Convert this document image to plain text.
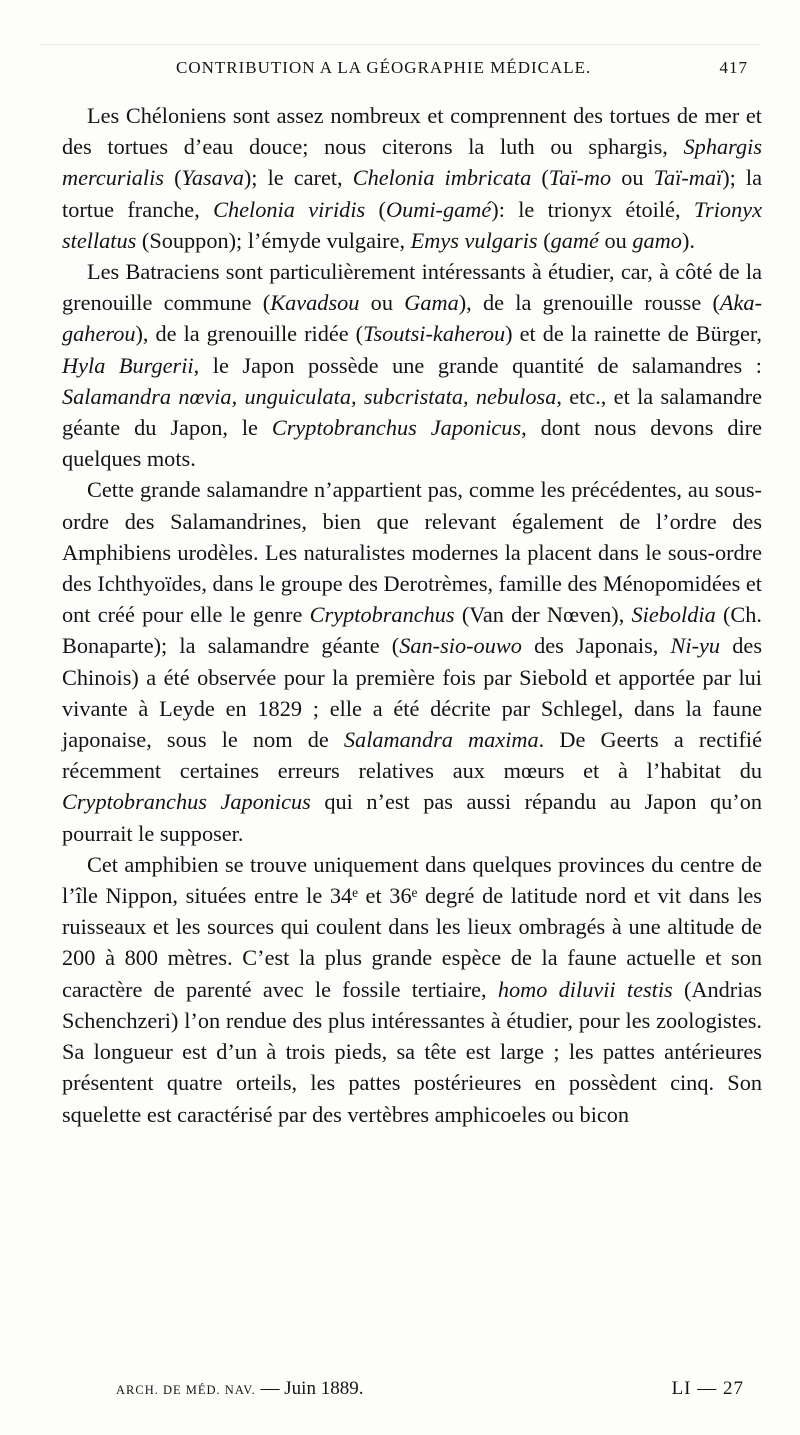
CONTRIBUTION A LA GÉOGRAPHIE MÉDICALE.	417

Les Chéloniens sont assez nombreux et comprennent des tortues de mer et des tortues d’eau douce; nous citerons la luth ou sphargis, Sphargis mercurialis (Yasava); le caret, Chelonia imbricata (Taï-mo ou Taï-maï); la tortue franche, Chelonia viridis (Oumi-gamé): le trionyx étoilé, Trionyx stellatus (Souppon); l’émyde vulgaire, Emys vulgaris (gamé ou gamo).

Les Batraciens sont particulièrement intéressants à étudier, car, à côté de la grenouille commune (Kavadsou ou Gama), de la grenouille rousse (Aka-gaherou), de la grenouille ridée (Tsoutsi-kaherou) et de la rainette de Bürger, Hyla Burgerii, le Japon possède une grande quantité de salamandres : Salamandra nœvia, unguiculata, subcristata, nebulosa, etc., et la salamandre géante du Japon, le Cryptobranchus Japonicus, dont nous devons dire quelques mots.

Cette grande salamandre n’appartient pas, comme les précédentes, au sous-ordre des Salamandrines, bien que relevant également de l’ordre des Amphibiens urodèles. Les naturalistes modernes la placent dans le sous-ordre des Ichthyoïdes, dans le groupe des Derotrèmes, famille des Ménopomidées et ont créé pour elle le genre Cryptobranchus (Van der Nœven), Sieboldia (Ch. Bonaparte); la salamandre géante (San-sio-ouwo des Japonais, Ni-yu des Chinois) a été observée pour la première fois par Siebold et apportée par lui vivante à Leyde en 1829 ; elle a été décrite par Schlegel, dans la faune japonaise, sous le nom de Salamandra maxima. De Geerts a rectifié récemment certaines erreurs relatives aux mœurs et à l’habitat du Cryptobranchus Japonicus qui n’est pas aussi répandu au Japon qu’on pourrait le supposer.

Cet amphibien se trouve uniquement dans quelques provinces du centre de l’île Nippon, situées entre le 34ᵉ et 36ᵉ degré de latitude nord et vit dans les ruisseaux et les sources qui coulent dans les lieux ombragés à une altitude de 200 à 800 mètres. C’est la plus grande espèce de la faune actuelle et son caractère de parenté avec le fossile tertiaire, homo diluvii testis (Andrias Schenchzeri) l’on rendue des plus intéressantes à étudier, pour les zoologistes. Sa longueur est d’un à trois pieds, sa tête est large ; les pattes antérieures présentent quatre orteils, les pattes postérieures en possèdent cinq. Son squelette est caractérisé par des vertèbres amphicoeles ou bicon

ARCH. DE MÉD. NAV. — Juin 1889.	LI — 27
